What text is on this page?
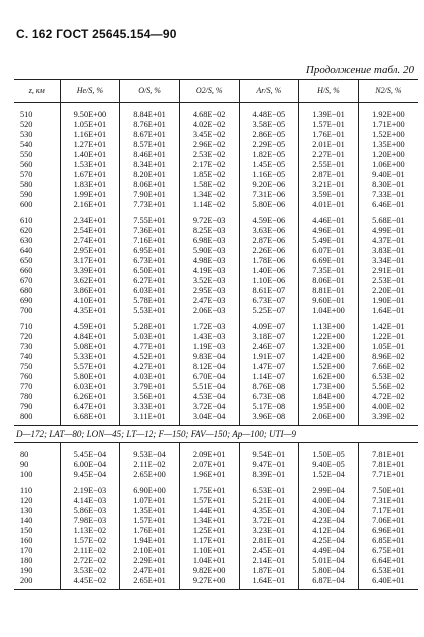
С. 162 ГОСТ 25645.154—90
Продолжение табл. 20
z, км	He/S, %	O/S, %	O2/S, %	Ar/S, %	H/S, %	N2/S, %
510	9.50E+00	8.84E+01	4.68E−02	4.48E−05	1.39E−01	1.92E+00
520	1.05E+01	8.76E+01	4.02E−02	3.58E−05	1.57E−01	1.71E+00
530	1.16E+01	8.67E+01	3.45E−02	2.86E−05	1.76E−01	1.52E+00
540	1.27E+01	8.57E+01	2.96E−02	2.29E−05	2.01E−01	1.35E+00
550	1.40E+01	8.46E+01	2.53E−02	1.82E−05	2.27E−01	1.20E+00
560	1.53E+01	8.34E+01	2.17E−02	1.45E−05	2.55E−01	1.06E+00
570	1.67E+01	8.20E+01	1.85E−02	1.16E−05	2.87E−01	9.40E−01
580	1.83E+01	8.06E+01	1.58E−02	9.20E−06	3.21E−01	8.30E−01
590	1.99E+01	7.90E+01	1.34E−02	7.31E−06	3.59E−01	7.33E−01
600	2.16E+01	7.73E+01	1.14E−02	5.80E−06	4.01E−01	6.46E−01
610	2.34E+01	7.55E+01	9.72E−03	4.59E−06	4.46E−01	5.68E−01
620	2.54E+01	7.36E+01	8.25E−03	3.63E−06	4.96E−01	4.99E−01
630	2.74E+01	7.16E+01	6.98E−03	2.87E−06	5.49E−01	4.37E−01
640	2.95E+01	6.95E+01	5.90E−03	2.26E−06	6.07E−01	3.83E−01
650	3.17E+01	6.73E+01	4.98E−03	1.78E−06	6.69E−01	3.34E−01
660	3.39E+01	6.50E+01	4.19E−03	1.40E−06	7.35E−01	2.91E−01
670	3.62E+01	6.27E+01	3.52E−03	1.10E−06	8.06E−01	2.53E−01
680	3.86E+01	6.03E+01	2.95E−03	8.61E−07	8.81E−01	2.20E−01
690	4.10E+01	5.78E+01	2.47E−03	6.73E−07	9.60E−01	1.90E−01
700	4.35E+01	5.53E+01	2.06E−03	5.25E−07	1.04E+00	1.64E−01
710	4.59E+01	5.28E+01	1.72E−03	4.09E−07	1.13E+00	1.42E−01
720	4.84E+01	5.03E+01	1.43E−03	3.18E−07	1.22E+00	1.22E−01
730	5.08E+01	4.77E+01	1.19E−03	2.46E−07	1.32E+00	1.05E−01
740	5.33E+01	4.52E+01	9.83E−04	1.91E−07	1.42E+00	8.96E−02
750	5.57E+01	4.27E+01	8.12E−04	1.47E−07	1.52E+00	7.66E−02
760	5.80E+01	4.03E+01	6.70E−04	1.14E−07	1.62E+00	6.53E−02
770	6.03E+01	3.79E+01	5.51E−04	8.76E−08	1.73E+00	5.56E−02
780	6.26E+01	3.56E+01	4.53E−04	6.73E−08	1.84E+00	4.72E−02
790	6.47E+01	3.33E+01	3.72E−04	5.17E−08	1.95E+00	4.00E−02
800	6.68E+01	3.11E+01	3.04E−04	3.96E−08	2.06E+00	3.39E−02
D—172; LAT—80; LON—45; LT—12; F—150; FAV—150; Ap—100; UTI—9						
80	5.45E−04	9.53E−04	2.09E+01	9.54E−01	1.50E−05	7.81E+01
90	6.00E−04	2.11E−02	2.07E+01	9.47E−01	9.40E−05	7.81E+01
100	9.45E−04	2.65E+00	1.96E+01	8.39E−01	1.52E−04	7.71E+01
110	2.19E−03	6.90E+00	1.75E+01	6.53E−01	2.99E−04	7.50E+01
120	4.14E−03	1.07E+01	1.57E+01	5.21E−01	4.00E−04	7.31E+01
130	5.86E−03	1.35E+01	1.44E+01	4.35E−01	4.30E−04	7.17E+01
140	7.98E−03	1.57E+01	1.34E+01	3.72E−01	4.23E−04	7.06E+01
150	1.13E−02	1.76E+01	1.25E+01	3.23E−01	4.12E−04	6.96E+01
160	1.57E−02	1.94E+01	1.17E+01	2.81E−01	4.25E−04	6.85E+01
170	2.11E−02	2.10E+01	1.10E+01	2.45E−01	4.49E−04	6.75E+01
180	2.72E−02	2.29E+01	1.04E+01	2.14E−01	5.01E−04	6.64E+01
190	3.53E−02	2.47E+01	9.82E+00	1.87E−01	5.80E−04	6.53E+01
200	4.45E−02	2.65E+01	9.27E+00	1.64E−01	6.87E−04	6.40E+01
